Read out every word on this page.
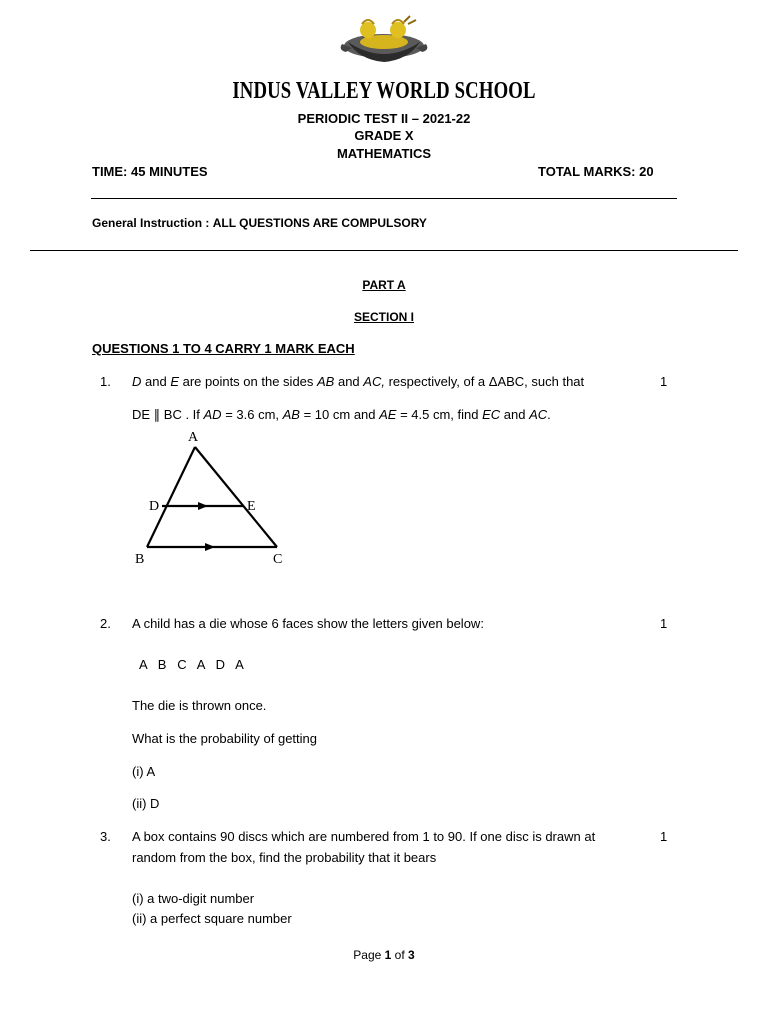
INDUS VALLEY WORLD SCHOOL
PERIODIC TEST II – 2021-22
GRADE X
MATHEMATICS
TIME: 45 MINUTES	TOTAL MARKS: 20
General Instruction : ALL QUESTIONS ARE COMPULSORY
PART A
SECTION I
QUESTIONS 1 TO 4 CARRY 1 MARK EACH
1.	1
D and E are points on the sides AB and AC, respectively, of a ΔABC, such that
DE ∥ BC . If AD = 3.6 cm, AB = 10 cm and AE = 4.5 cm, find EC and AC.
A
B	C
D	E
2.	1
A child has a die whose 6 faces show the letters given below:
A   B   C   A   D   A
The die is thrown once.
What is the probability of getting
(i) A
(ii) D
3.	1
A box contains 90 discs which are numbered from 1 to 90. If one disc is drawn at
random from the box, find the probability that it bears
(i) a two-digit number
(ii) a perfect square number
Page 1 of 3
